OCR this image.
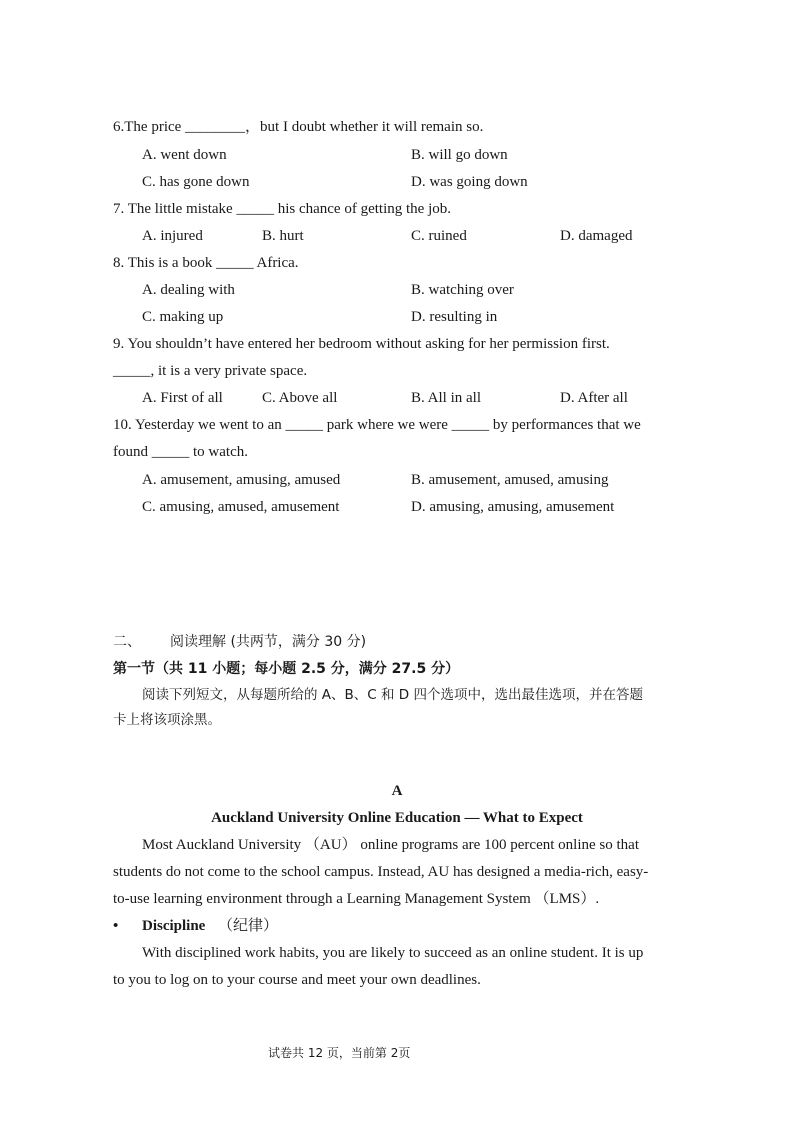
6.The price ________，but I doubt whether it will remain so.
A. went down	B. will go down
C. has gone down	D. was going down
7. The little mistake _____ his chance of getting the job.
A. injured	B. hurt	C. ruined	D. damaged
8. This is a book _____ Africa.
A. dealing with	B. watching over
C. making up	D. resulting in
9. You shouldn’t have entered her bedroom without asking for her permission first.
_____, it is a very private space.
A. First of all	C. Above all	B. All in all	D. After all
10. Yesterday we went to an _____ park where we were _____ by performances that we
found _____ to watch.
A. amusement, amusing, amused	B. amusement, amused, amusing
C. amusing, amused, amusement	D. amusing, amusing, amusement
二、 阅读理解 (共两节，满分 30 分)
第一节（共 11 小题；每小题 2.5 分，满分 27.5 分）
阅读下列短文，从每题所给的 A、B、C 和 D 四个选项中，选出最佳选项，并在答题
卡上将该项涂黑。
A
Auckland University Online Education — What to Expect
Most Auckland University （AU） online programs are 100 percent online so that
students do not come to the school campus. Instead, AU has designed a media-rich, easy-
to-use learning environment through a Learning Management System （LMS）.
• Discipline （纪律）
With disciplined work habits, you are likely to succeed as an online student. It is up
to you to log on to your course and meet your own deadlines.
试卷共 12 页，当前第 2页
